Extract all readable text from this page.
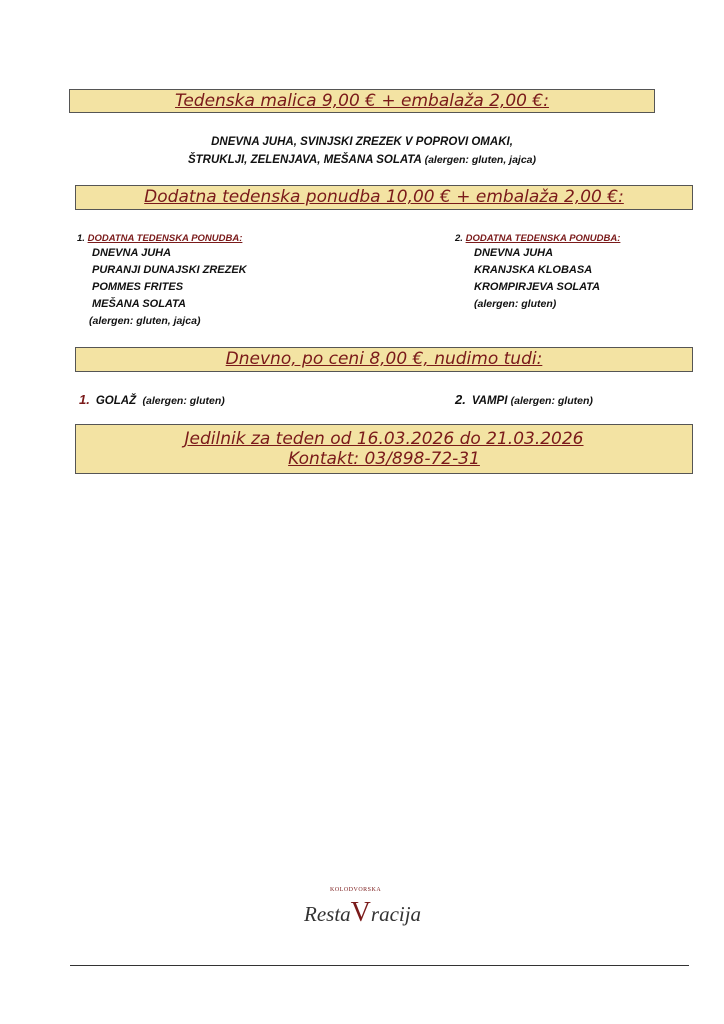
Tedenska malica 9,00 € + embalaža 2,00 €:
DNEVNA JUHA, SVINJSKI ZREZEK V POPROVI OMAKI,
ŠTRUKLJI, ZELENJAVA, MEŠANA SOLATA (alergen: gluten, jajca)
Dodatna tedenska ponudba 10,00 € + embalaža 2,00 €:
1. DODATNA TEDENSKA PONUDBA:
DNEVNA JUHA
PURANJI DUNAJSKI ZREZEK
POMMES FRITES
MEŠANA SOLATA
(alergen: gluten, jajca)
2. DODATNA TEDENSKA PONUDBA:
DNEVNA JUHA
KRANJSKA KLOBASA
KROMPIRJEVA SOLATA
(alergen: gluten)
Dnevno, po ceni 8,00 €, nudimo tudi:
1. GOLAŽ (alergen: gluten)	2. VAMPI (alergen: gluten)
Jedilnik za teden od 16.03.2026 do 21.03.2026
Kontakt: 03/898-72-31
KOLODVORSKA
RestaVracija
